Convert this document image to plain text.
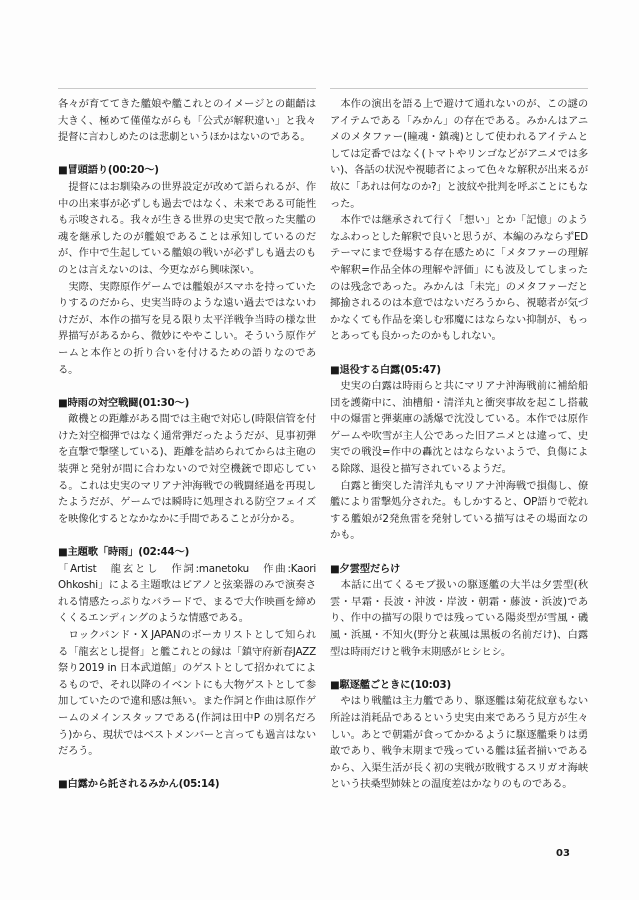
各々が育ててきた艦娘や艦これとのイメージとの齟齬は大きく、極めて僅僅ながらも「公式が解釈違い」と我々提督に言わしめたのは悲劇というほかはないのである。

■冒頭語り(00:20〜)

　提督にはお馴染みの世界設定が改めて語られるが、作中の出来事が必ずしも過去ではなく、未来である可能性も示唆される。我々が生きる世界の史実で散った実艦の魂を継承したのが艦娘であることは承知しているのだが、作中で生起している艦娘の戦いが必ずしも過去のものとは言えないのは、今更ながら興味深い。

　実際、実際原作ゲームでは艦娘がスマホを持っていたりするのだから、史実当時のような遠い過去ではないわけだが、本作の描写を見る限り太平洋戦争当時の様な世界描写があるから、微妙にややこしい。そういう原作ゲームと本作との折り合いを付けるための語りなのである。

■時雨の対空戦闘(01:30〜)

　敵機との距離がある間では主砲で対応し(時限信管を付けた対空榴弾ではなく通常弾だったようだが、見事初弾を直撃で撃墜している)、距離を詰められてからは主砲の装弾と発射が間に合わないので対空機銃で即応している。これは史実のマリアナ沖海戦での戦闘経過を再現したようだが、ゲームでは瞬時に処理される防空フェイズを映像化するとなかなかに手間であることが分かる。

■主題歌「時雨」(02:44〜)

「Artist　龍玄とし　作詞:manetoku　作曲:Kaori Ohkoshi」による主題歌はピアノと弦楽器のみで演奏される情感たっぷりなバラードで、まるで大作映画を締めくくるエンディングのような情感である。

　ロックバンド・X JAPANのボーカリストとして知られる「龍玄とし提督」と艦これとの縁は「鎮守府新春JAZZ祭り2019 in 日本武道館」のゲストとして招かれてによるもので、それ以降のイベントにも大物ゲストとして参加していたので違和感は無い。また作詞と作曲は原作ゲームのメインスタッフである(作詞は田中P の別名だろう)から、現状ではベストメンバーと言っても過言はないだろう。

■白露から託されるみかん(05:14)

　本作の演出を語る上で避けて通れないのが、この謎のアイテムである「みかん」の存在である。みかんはアニメのメタファー(瞳魂・鎮魂)として使われるアイテムとしては定番ではなく(トマトやリンゴなどがアニメでは多い)、各話の状況や視聴者によって色々な解釈が出来るが故に「あれは何なのか?」と波紋や批判を呼ぶことにもなった。

　本作では継承されて行く「想い」とか「記憶」のようなふわっとした解釈で良いと思うが、本編のみならずEDテーマにまで登場する存在感ために「メタファーの理解や解釈=作品全体の理解や評価」にも波及してしまったのは残念であった。みかんは「未完」のメタファーだと揶揄されるのは本意ではないだろうから、視聴者が気づかなくても作品を楽しむ邪魔にはならない抑制が、もっとあっても良かったのかもしれない。

■退役する白露(05:47)

　史実の白露は時雨らと共にマリアナ沖海戦前に補給船団を護衛中に、油槽船・清洋丸と衝突事故を起こし搭載中の爆雷と弾薬庫の誘爆で沈没している。本作では原作ゲームや吹雪が主人公であった旧アニメとは違って、史実での戦没=作中の轟沈とはならないようで、負傷による除隊、退役と描写されているようだ。

　白露と衝突した清洋丸もマリアナ沖海戦で損傷し、僚艦により雷撃処分された。もしかすると、OP語りで乾れする艦娘が2発魚雷を発射している描写はその場面なのかも。

■夕雲型だらけ

　本話に出てくるモブ扱いの駆逐艦の大半は夕雲型(秋雲・早霜・長波・沖波・岸波・朝霜・藤波・浜波)であり、作中の描写の限りでは残っている陽炎型が雪風・磯風・浜風・不知火(野分と萩風は黒板の名前だけ)、白露型は時雨だけと戦争末期感がヒシヒシ。

■駆逐艦ごときに(10:03)

　やはり戦艦は主力艦であり、駆逐艦は菊花紋章もない所詮は消耗品であるという史実由来であろう見方が生々しい。あとで朝霜が食ってかかるように駆逐艦乗りは勇敢であり、戦争末期まで残っている艦は猛者揃いであるから、入渠生活が長く初の実戦が敗戦するスリガオ海峡という扶桑型姉妹との温度差はかなりのものである。

03
